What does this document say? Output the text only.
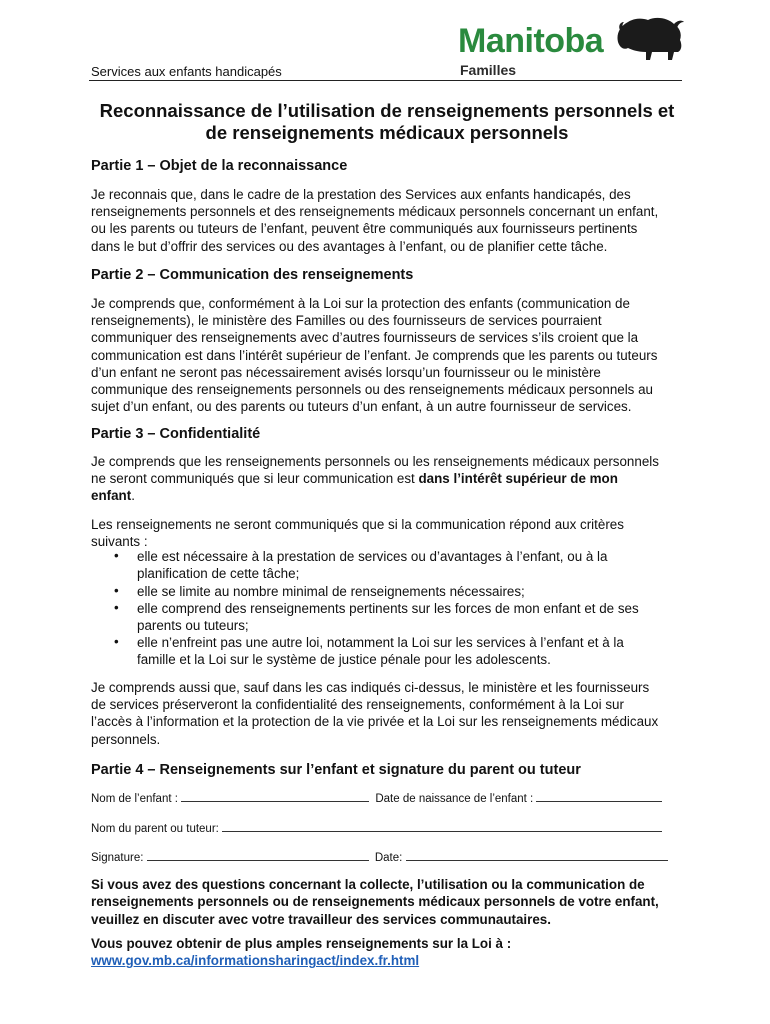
Services aux enfants handicapés
Manitoba
Familles
Reconnaissance de l’utilisation de renseignements personnels et
de renseignements médicaux personnels
Partie 1 – Objet de la reconnaissance
Je reconnais que, dans le cadre de la prestation des Services aux enfants handicapés, des
renseignements personnels et des renseignements médicaux personnels concernant un enfant,
ou les parents ou tuteurs de l’enfant, peuvent être communiqués aux fournisseurs pertinents
dans le but d’offrir des services ou des avantages à l’enfant, ou de planifier cette tâche.
Partie 2 – Communication des renseignements
Je comprends que, conformément à la Loi sur la protection des enfants (communication de
renseignements), le ministère des Familles ou des fournisseurs de services pourraient
communiquer des renseignements avec d’autres fournisseurs de services s’ils croient que la
communication est dans l’intérêt supérieur de l’enfant. Je comprends que les parents ou tuteurs
d’un enfant ne seront pas nécessairement avisés lorsqu’un fournisseur ou le ministère
communique des renseignements personnels ou des renseignements médicaux personnels au
sujet d’un enfant, ou des parents ou tuteurs d’un enfant, à un autre fournisseur de services.
Partie 3 – Confidentialité
Je comprends que les renseignements personnels ou les renseignements médicaux personnels
ne seront communiqués que si leur communication est dans l’intérêt supérieur de mon
enfant.
Les renseignements ne seront communiqués que si la communication répond aux critères
suivants :
• elle est nécessaire à la prestation de services ou d’avantages à l’enfant, ou à la
planification de cette tâche;
• elle se limite au nombre minimal de renseignements nécessaires;
• elle comprend des renseignements pertinents sur les forces de mon enfant et de ses
parents ou tuteurs;
• elle n’enfreint pas une autre loi, notamment la Loi sur les services à l’enfant et à la
famille et la Loi sur le système de justice pénale pour les adolescents.
Je comprends aussi que, sauf dans les cas indiqués ci-dessus, le ministère et les fournisseurs
de services préserveront la confidentialité des renseignements, conformément à la Loi sur
l’accès à l’information et la protection de la vie privée et la Loi sur les renseignements médicaux
personnels.
Partie 4 – Renseignements sur l’enfant et signature du parent ou tuteur
Nom de l’enfant :	Date de naissance de l’enfant :
Nom du parent ou tuteur:
Signature:	Date:
Si vous avez des questions concernant la collecte, l’utilisation ou la communication de
renseignements personnels ou de renseignements médicaux personnels de votre enfant,
veuillez en discuter avec votre travailleur des services communautaires.
Vous pouvez obtenir de plus amples renseignements sur la Loi à :
www.gov.mb.ca/informationsharingact/index.fr.html
